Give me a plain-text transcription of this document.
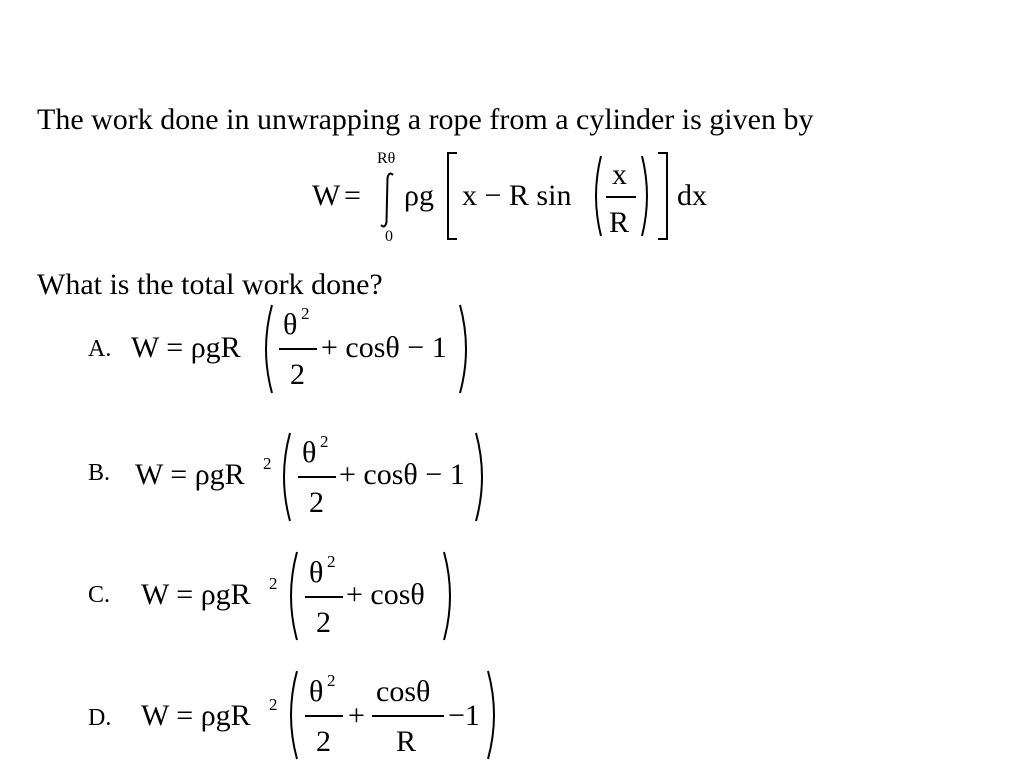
The work done in unwrapping a rope from a cylinder is given by
W =
Rθ
0
ρg x − R sin
x
R
dx
What is the total work done?
A. W = ρgR
θ 2
2
+ cosθ − 1
B. W = ρgR 2 θ 2
2
+ cosθ − 1
C. W = ρgR 2 θ 2
2
+ cosθ
D. W = ρgR 2 θ 2
2
+
cosθ
R
−1
